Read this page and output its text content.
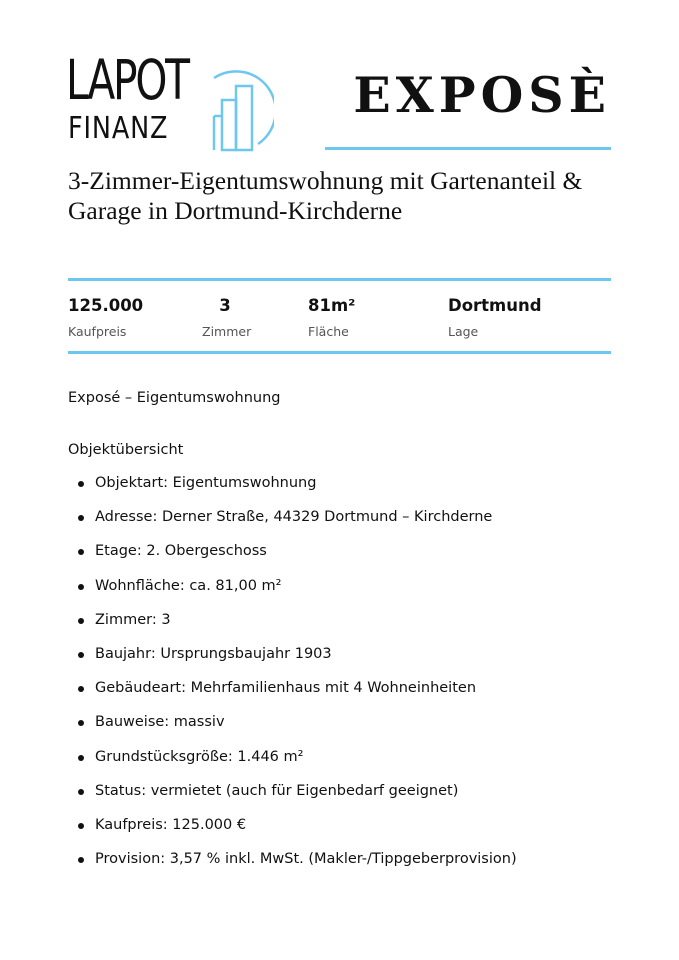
LAPOT
FINANZ
EXPOSÈ
3-Zimmer-Eigentumswohnung mit Gartenanteil & Garage in Dortmund-Kirchderne
125.000
Kaufpreis
3
Zimmer
81m²
Fläche
Dortmund
Lage
Exposé – Eigentumswohnung
Objektübersicht
Objektart: Eigentumswohnung
Adresse: Derner Straße, 44329 Dortmund – Kirchderne
Etage: 2. Obergeschoss
Wohnfläche: ca. 81,00 m²
Zimmer: 3
Baujahr: Ursprungsbaujahr 1903
Gebäudeart: Mehrfamilienhaus mit 4 Wohneinheiten
Bauweise: massiv
Grundstücksgröße: 1.446 m²
Status: vermietet (auch für Eigenbedarf geeignet)
Kaufpreis: 125.000 €
Provision: 3,57 % inkl. MwSt. (Makler-/Tippgeberprovision)
